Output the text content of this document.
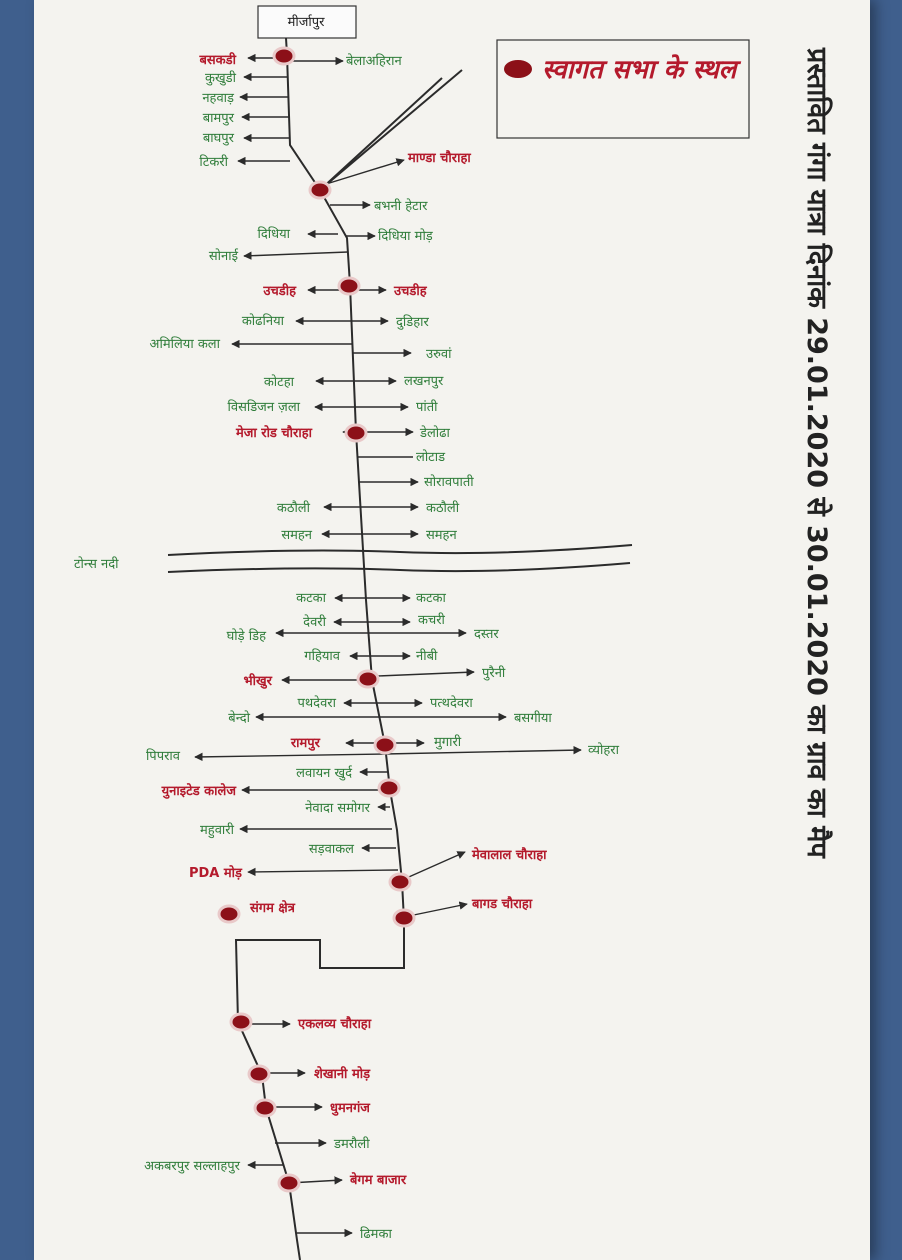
मीर्जापुर
स्वागत सभा के स्थल प्रस्तावित गंगा यात्रा दिनांक 29.01.2020 से 30.01.2020 का ग्राव का मैप
टोन्स नदी
बसकडी	बेलाअहिरान
कुखुडी
नहवाड़
बामपुर
बाघपुर
टिकरी	माण्डा चौराहा
बभनी हेटार
दिधिया	दिधिया मोड़
सोनाई
उचडीह	उचडीह
कोढनिया	दुडिहार
अमिलिया कला
उरुवां
कोटहा	लखनपुर
विसडिजन ज़ला	पांती
मेजा रोड चौराहा	डेलोढा
लोटाड
सोरावपाती
कठौली	कठौली
समहन	समहन
कटका	कटका
देवरी	कचरी
घोड़े डिह	दस्तर
गहियाव	नीबी
भीखुर
पुरैनी
पथदेवरा	पत्थदेवरा
बेन्दो	बसगीया
रामपुर	मुगारी
पिपराव	व्योहरा
लवायन खुर्द
युनाइटेड कालेज
नेवादा समोगर
महुवारी
सड़वाकल
PDA मोड़
मेवालाल चौराहा
संगम क्षेत्र	बागड चौराहा
एकलव्य चौराहा
शेखानी मोड़
धुमनगंज
डमरौली
अकबरपुर सल्लाहपुर
बेगम बाजार
ढिमका
